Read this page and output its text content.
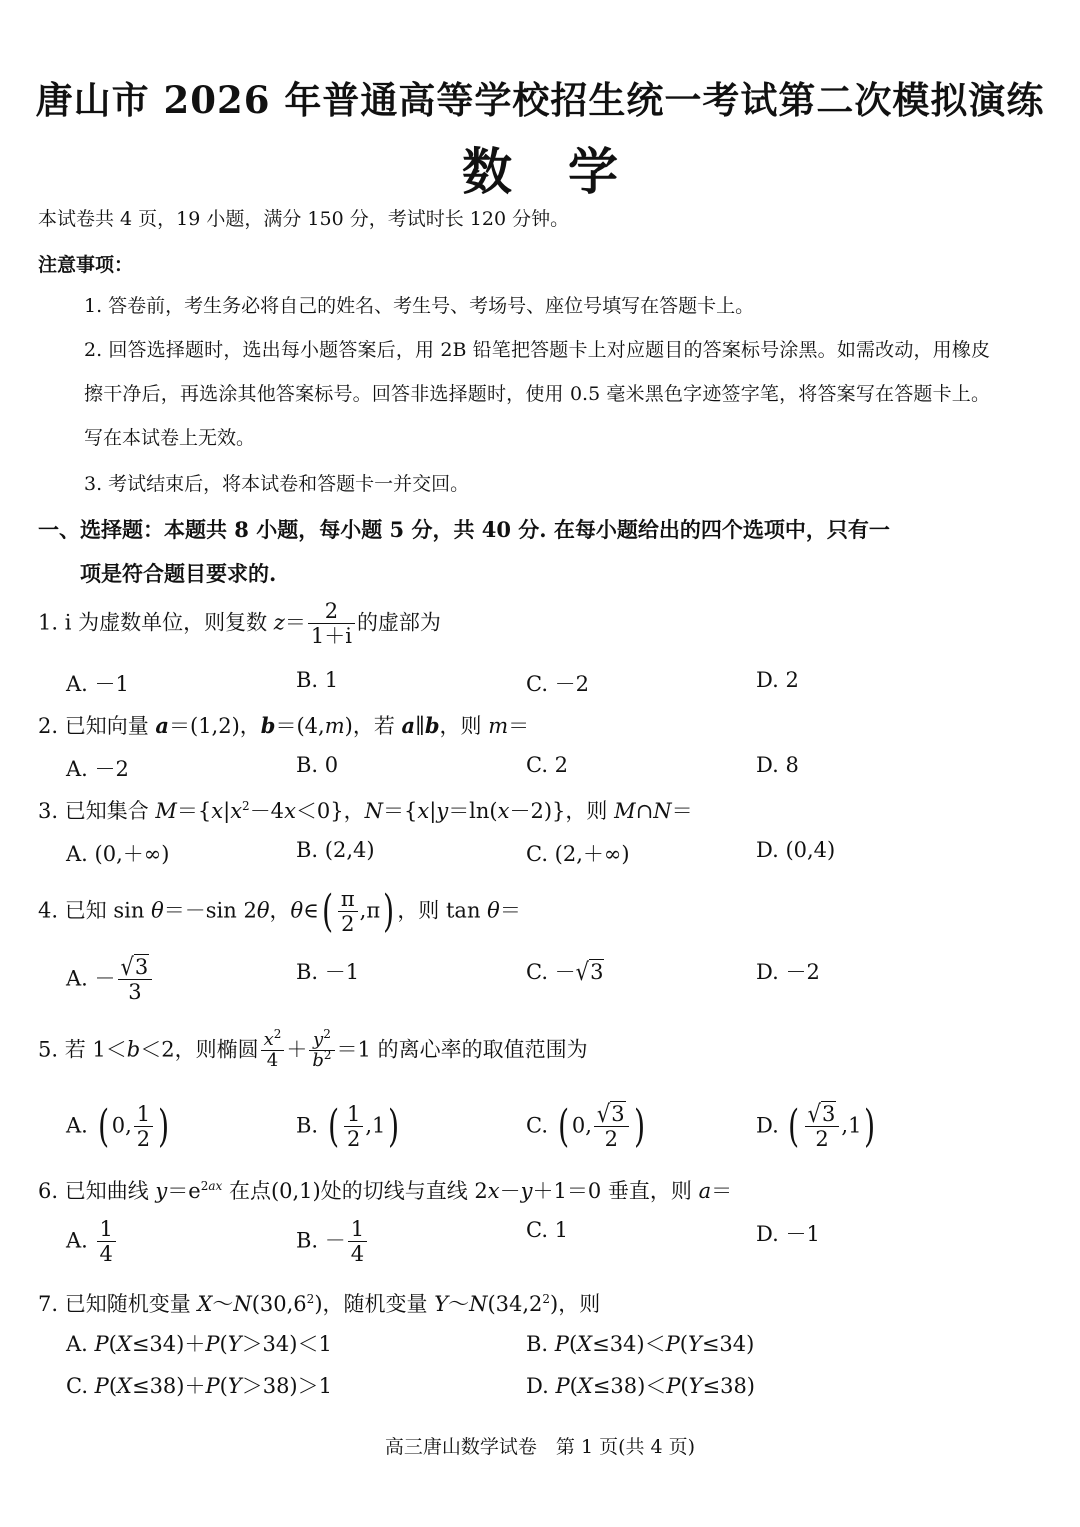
唐山市 2026 年普通高等学校招生统一考试第二次模拟演练
数学
本试卷共 4 页，19 小题，满分 150 分，考试时长 120 分钟。
注意事项：
1. 答卷前，考生务必将自己的姓名、考生号、考场号、座位号填写在答题卡上。
2. 回答选择题时，选出每小题答案后，用 2B 铅笔把答题卡上对应题目的答案标号涂黑。如需改动，用橡皮擦干净后，再选涂其他答案标号。回答非选择题时，使用 0.5 毫米黑色字迹签字笔，将答案写在答题卡上。写在本试卷上无效。
3. 考试结束后，将本试卷和答题卡一并交回。
一、选择题：本题共 8 小题，每小题 5 分，共 40 分. 在每小题给出的四个选项中，只有一
项是符合题目要求的.
1. i 为虚数单位，则复数 $z= \frac{2}{1+i}$ 的虚部为
A. －1	B. 1	C. －2	D. 2
2. 已知向量 a＝(1,2)，b＝(4,m)，若 a∥b，则 m＝
A. －2	B. 0	C. 2	D. 8
3. 已知集合 $M=\{x|x^2-4x<0\}$，N＝{x|y＝ln(x－2)}，则 M∩N＝
A. (0,＋∞)	B. (2,4)	C. (2,＋∞)	D. (0,4)
4. 已知 sin θ＝－sin 2θ，θ∈( $\frac{\pi}{2} ,\pi$) ，则 tan θ＝
A. － $\frac{√3}{3}$	B. －1	C. －√3	D. －2
5. 若 1＜b＜2，则椭圆 $\frac{x^2}{4} + \frac{y^2}{b^2} =1$ 的离心率的取值范围为
A. ( 0, $\frac{1}{2}$ )	B. ( $\frac{1}{2} ,1$)	C. ( 0, $\frac{√3}{2}$ )	D. ( $\frac{√3}{2} ,1$)
6. 已知曲线 $y=e^{2ax}$ 在点(0,1)处的切线与直线 2x－y＋1＝0 垂直，则 a＝
A. $\frac{1}{4}$	B. － $\frac{1}{4}$	C. 1	D. －1
7. 已知随机变量 X～N(30,6$^2$)，随机变量 Y～N(34,2$^2$)，则
A. P(X≤34)＋P(Y＞34)＜1	B. P(X≤34)＜P(Y≤34)
C. P(X≤38)＋P(Y＞38)＞1	D. P(X≤38)＜P(Y≤38)
高三唐山数学试卷　第 1 页(共 4 页)
